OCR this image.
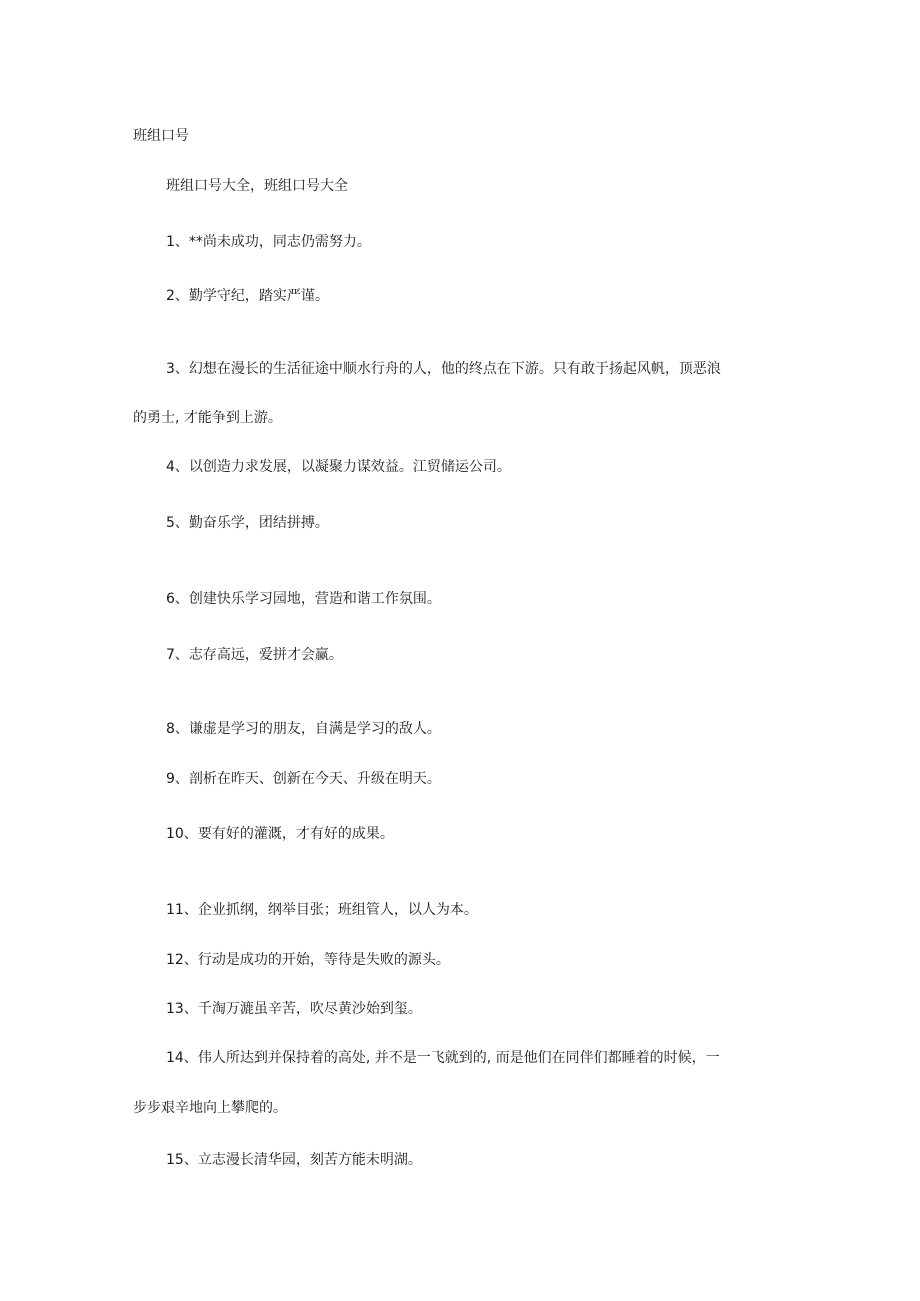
班组口号

班组口号大全，班组口号大全

1、**尚未成功，同志仍需努力。

2、勤学守纪，踏实严谨。

3、幻想在漫长的生活征途中顺水行舟的人，他的终点在下游。只有敢于扬起风帆，顶恶浪

的勇士, 才能争到上游。

4、以创造力求发展，以凝聚力谋效益。江贸储运公司。

5、勤奋乐学，团结拼搏。

6、创建快乐学习园地，营造和谐工作氛围。

7、志存高远，爱拼才会赢。

8、谦虚是学习的朋友，自满是学习的敌人。

9、剖析在昨天、创新在今天、升级在明天。

10、要有好的灌溉，才有好的成果。

11、企业抓纲，纲举目张；班组管人，以人为本。

12、行动是成功的开始，等待是失败的源头。

13、千淘万漉虽辛苦，吹尽黄沙始到玺。

14、伟人所达到并保持着的高处, 并不是一飞就到的, 而是他们在同伴们都睡着的时候，一

步步艰辛地向上攀爬的。

15、立志漫长清华园，刻苦方能未明湖。
